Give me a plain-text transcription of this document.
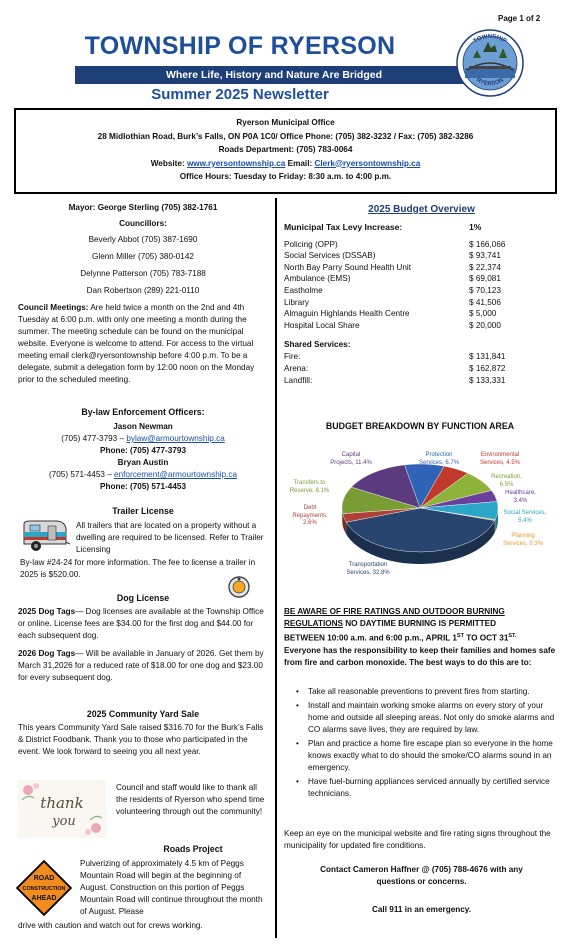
Page 1 of 2
TOWNSHIP OF RYERSON
Where Life, History and Nature Are Bridged
Summer 2025 Newsletter
TOWNSHIP
RYERSON
Ryerson Municipal Office
28 Midlothian Road, Burk’s Falls, ON P0A 1C0/ Office Phone: (705) 382-3232 / Fax: (705) 382-3286
Roads Department: (705) 783-0064
Website: www.ryersontownship.ca Email: Clerk@ryersontownship.ca
Office Hours: Tuesday to Friday: 8:30 a.m. to 4:00 p.m.
Mayor: George Sterling (705) 382-1761
Councillors:
Beverly Abbot (705) 387-1690
Glenn Miller (705) 380-0142
Delynne Patterson (705) 783-7188
Dan Robertson (289) 221-0110
Council Meetings: Are held twice a month on the 2nd and 4th Tuesday at 6:00 p.m. with only one meeting a month during the summer. The meeting schedule can be found on the municipal website. Everyone is welcome to attend. For access to the virtual meeting email clerk@ryersontownship before 4:00 p.m. To be a delegate, submit a delegation form by 12:00 noon on the Monday prior to the scheduled meeting.
By-law Enforcement Officers:
Jason Newman
(705) 477-3793 – bylaw@armourtownship.ca
Phone: (705) 477-3793
Bryan Austin
(705) 571-4453 – enforcement@armourtownship.ca
Phone: (705) 571-4453
Trailer License
All trailers that are located on a property without a dwelling are required to be licensed. Refer to Trailer Licensing
By-law #24-24 for more information. The fee to license a trailer in 2025 is $520.00.
Dog License
2025 Dog Tags— Dog licenses are available at the Township Office or online. License fees are $34.00 for the first dog and $44.00 for each subsequent dog.
2026 Dog Tags— Will be available in January of 2026. Get them by March 31,2026 for a reduced rate of $18.00 for one dog and $23.00 for every subsequent dog.
2025 Community Yard Sale
This years Community Yard Sale raised $316.70 for the Burk’s Falls & District Foodbank. Thank you to those who participated in the event. We look forward to seeing you all next year.
thank
you
Council and staff would like to thank all the residents of Ryerson who spend time volunteering through out the community!
Roads Project
ROAD
CONSTRUCTION
AHEAD
Pulverizing of approximately 4.5 km of Peggs Mountain Road will begin at the beginning of August. Construction on this portion of Peggs Mountain Road will continue throughout the month of August. Please
drive with caution and watch out for crews working.
2025 Budget Overview
Municipal Tax Levy Increase:	1%
Policing (OPP)	$ 166,066
Social Services (DSSAB)	$ 93,741
North Bay Parry Sound Health Unit	$ 22,374
Ambulance (EMS)	$ 69,081
Eastholme	$ 70,123
Library	$ 41,506
Almaguin Highlands Health Centre	$ 5,000
Hospital Local Share	$ 20,000
Shared Services:
Fire:	$ 131,841
Arena:	$ 162,872
Landfill:	$ 133,331
BUDGET BREAKDOWN BY FUNCTION AREA
Capital
Projects, 11.4%
Protection
Services, 6.7%
Environmental
Services, 4.5%
Transfers to
Reserve, 8.1%
Recreation,
6.5%
Healthcare,
3.4%
Debt
Repayments,
2.6%
Social Services,
5.4%
Planning
Services, 0.3%
Transportation
Services, 32.8%
BE AWARE OF FIRE RATINGS AND OUTDOOR BURNING
REGULATIONS NO DAYTIME BURNING IS PERMITTED
BETWEEN 10:00 a.m. and 6:00 p.m., APRIL 1ST TO OCT $31^{ST.}$
Everyone has the responsibility to keep their families and homes safe from fire and carbon monoxide. The best ways to do this are to:
• Take all reasonable preventions to prevent fires from starting.
• Install and maintain working smoke alarms on every story of your home and outside all sleeping areas. Not only do smoke alarms and CO alarms save lives, they are required by law.
• Plan and practice a home fire escape plan so everyone in the home knows exactly what to do should the smoke/CO alarms sound in an emergency.
• Have fuel-burning appliances serviced annually by certified service technicians.
Keep an eye on the municipal website and fire rating signs throughout the municipality for updated fire conditions.
Contact Cameron Haffner @ (705) 788-4676 with any questions or concerns.
Call 911 in an emergency.
